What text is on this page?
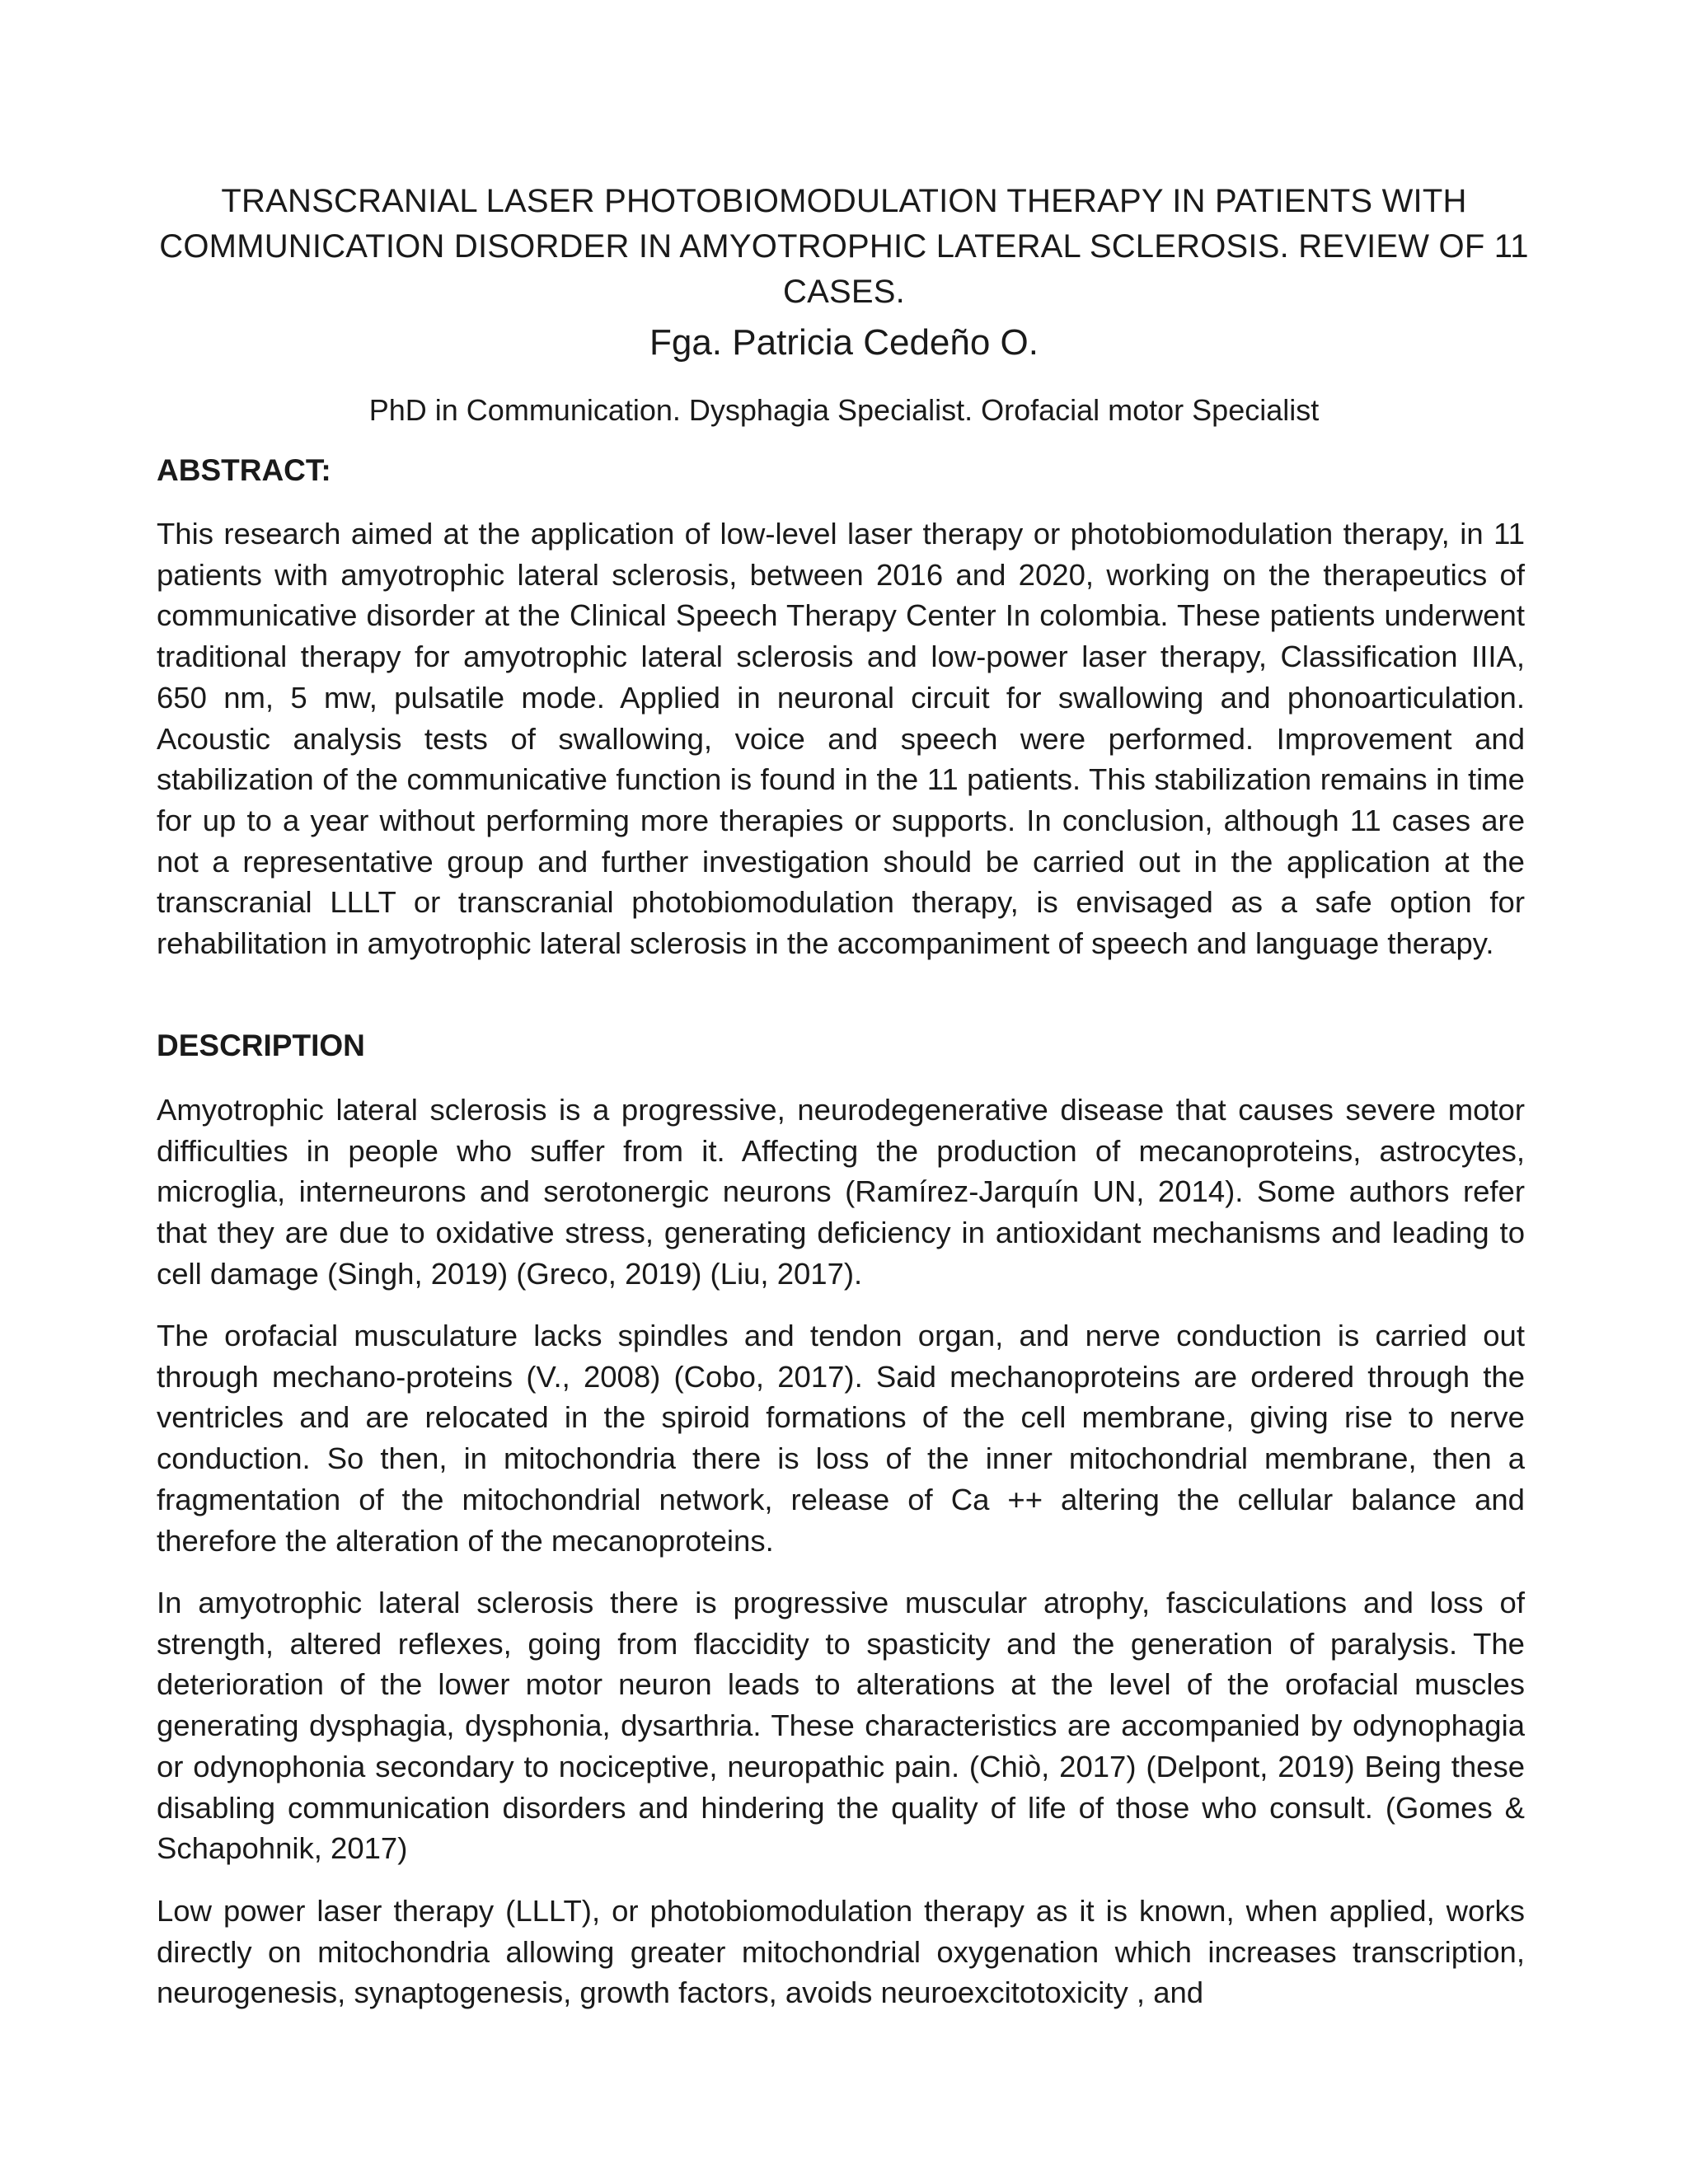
TRANSCRANIAL LASER PHOTOBIOMODULATION THERAPY IN PATIENTS WITH COMMUNICATION DISORDER IN AMYOTROPHIC LATERAL SCLEROSIS. REVIEW OF 11 CASES.
Fga. Patricia Cedeño O.
PhD in Communication. Dysphagia Specialist. Orofacial motor Specialist
ABSTRACT:

This research aimed at the application of low-level laser therapy or photobiomodulation therapy, in 11 patients with amyotrophic lateral sclerosis, between 2016 and 2020, working on the therapeutics of communicative disorder at the Clinical Speech Therapy Center In colombia. These patients underwent traditional therapy for amyotrophic lateral sclerosis and low-power laser therapy, Classification IIIA, 650 nm, 5 mw, pulsatile mode. Applied in neuronal circuit for swallowing and phonoarticulation. Acoustic analysis tests of swallowing, voice and speech were performed. Improvement and stabilization of the communicative function is found in the 11 patients. This stabilization remains in time for up to a year without performing more therapies or supports. In conclusion, although 11 cases are not a representative group and further investigation should be carried out in the application at the transcranial LLLT or transcranial photobiomodulation therapy, is envisaged as a safe option for rehabilitation in amyotrophic lateral sclerosis in the accompaniment of speech and language therapy.

DESCRIPTION

Amyotrophic lateral sclerosis is a progressive, neurodegenerative disease that causes severe motor difficulties in people who suffer from it. Affecting the production of mecanoproteins, astrocytes, microglia, interneurons and serotonergic neurons (Ramírez-Jarquín UN, 2014). Some authors refer that they are due to oxidative stress, generating deficiency in antioxidant mechanisms and leading to cell damage (Singh, 2019) (Greco, 2019) (Liu, 2017).

The orofacial musculature lacks spindles and tendon organ, and nerve conduction is carried out through mechano-proteins (V., 2008) (Cobo, 2017). Said mechanoproteins are ordered through the ventricles and are relocated in the spiroid formations of the cell membrane, giving rise to nerve conduction. So then, in mitochondria there is loss of the inner mitochondrial membrane, then a fragmentation of the mitochondrial network, release of Ca ++ altering the cellular balance and therefore the alteration of the mecanoproteins.

In amyotrophic lateral sclerosis there is progressive muscular atrophy, fasciculations and loss of strength, altered reflexes, going from flaccidity to spasticity and the generation of paralysis. The deterioration of the lower motor neuron leads to alterations at the level of the orofacial muscles generating dysphagia, dysphonia, dysarthria. These characteristics are accompanied by odynophagia or odynophonia secondary to nociceptive, neuropathic pain. (Chiò, 2017) (Delpont, 2019) Being these disabling communication disorders and hindering the quality of life of those who consult. (Gomes & Schapohnik, 2017)

Low power laser therapy (LLLT), or photobiomodulation therapy as it is known, when applied, works directly on mitochondria allowing greater mitochondrial oxygenation which increases transcription, neurogenesis, synaptogenesis, growth factors, avoids neuroexcitotoxicity , and
